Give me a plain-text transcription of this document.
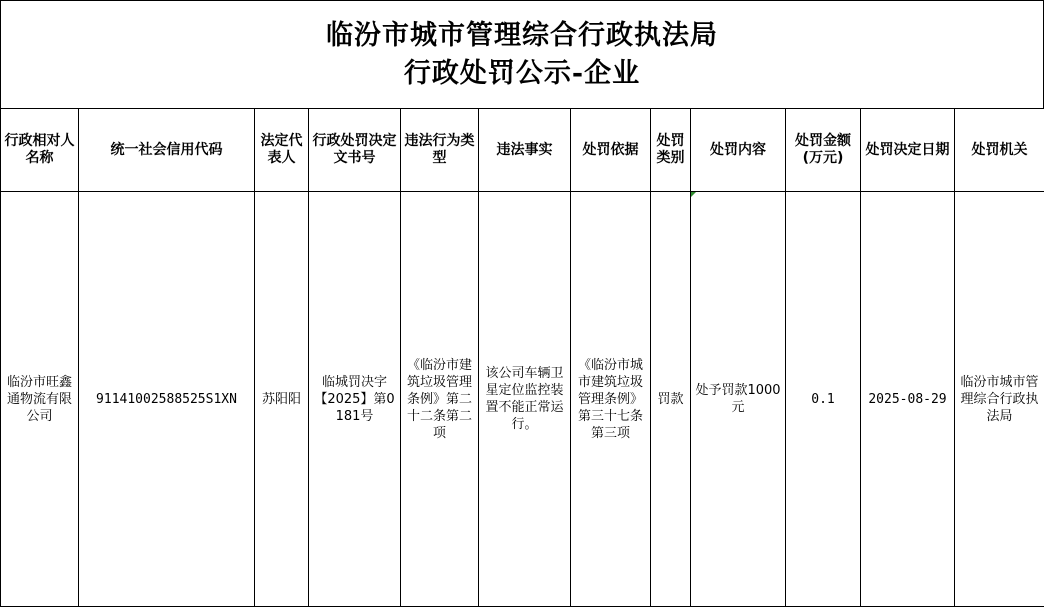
临汾市城市管理综合行政执法局
行政处罚公示-企业
行政相对人名称	统一社会信用代码	法定代表人	行政处罚决定文书号	违法行为类型	违法事实	处罚依据	处罚类别	处罚内容	处罚金额(万元)	处罚决定日期	处罚机关
临汾市旺鑫通物流有限公司	91141002588525S1XN	苏阳阳	临城罚决字【2025】第0181号	《临汾市建筑垃圾管理条例》第二十二条第二项	该公司车辆卫星定位监控装置不能正常运行。	《临汾市城市建筑垃圾管理条例》第三十七条第三项	罚款	处予罚款1000元	0.1	2025-08-29	临汾市城市管理综合行政执法局
